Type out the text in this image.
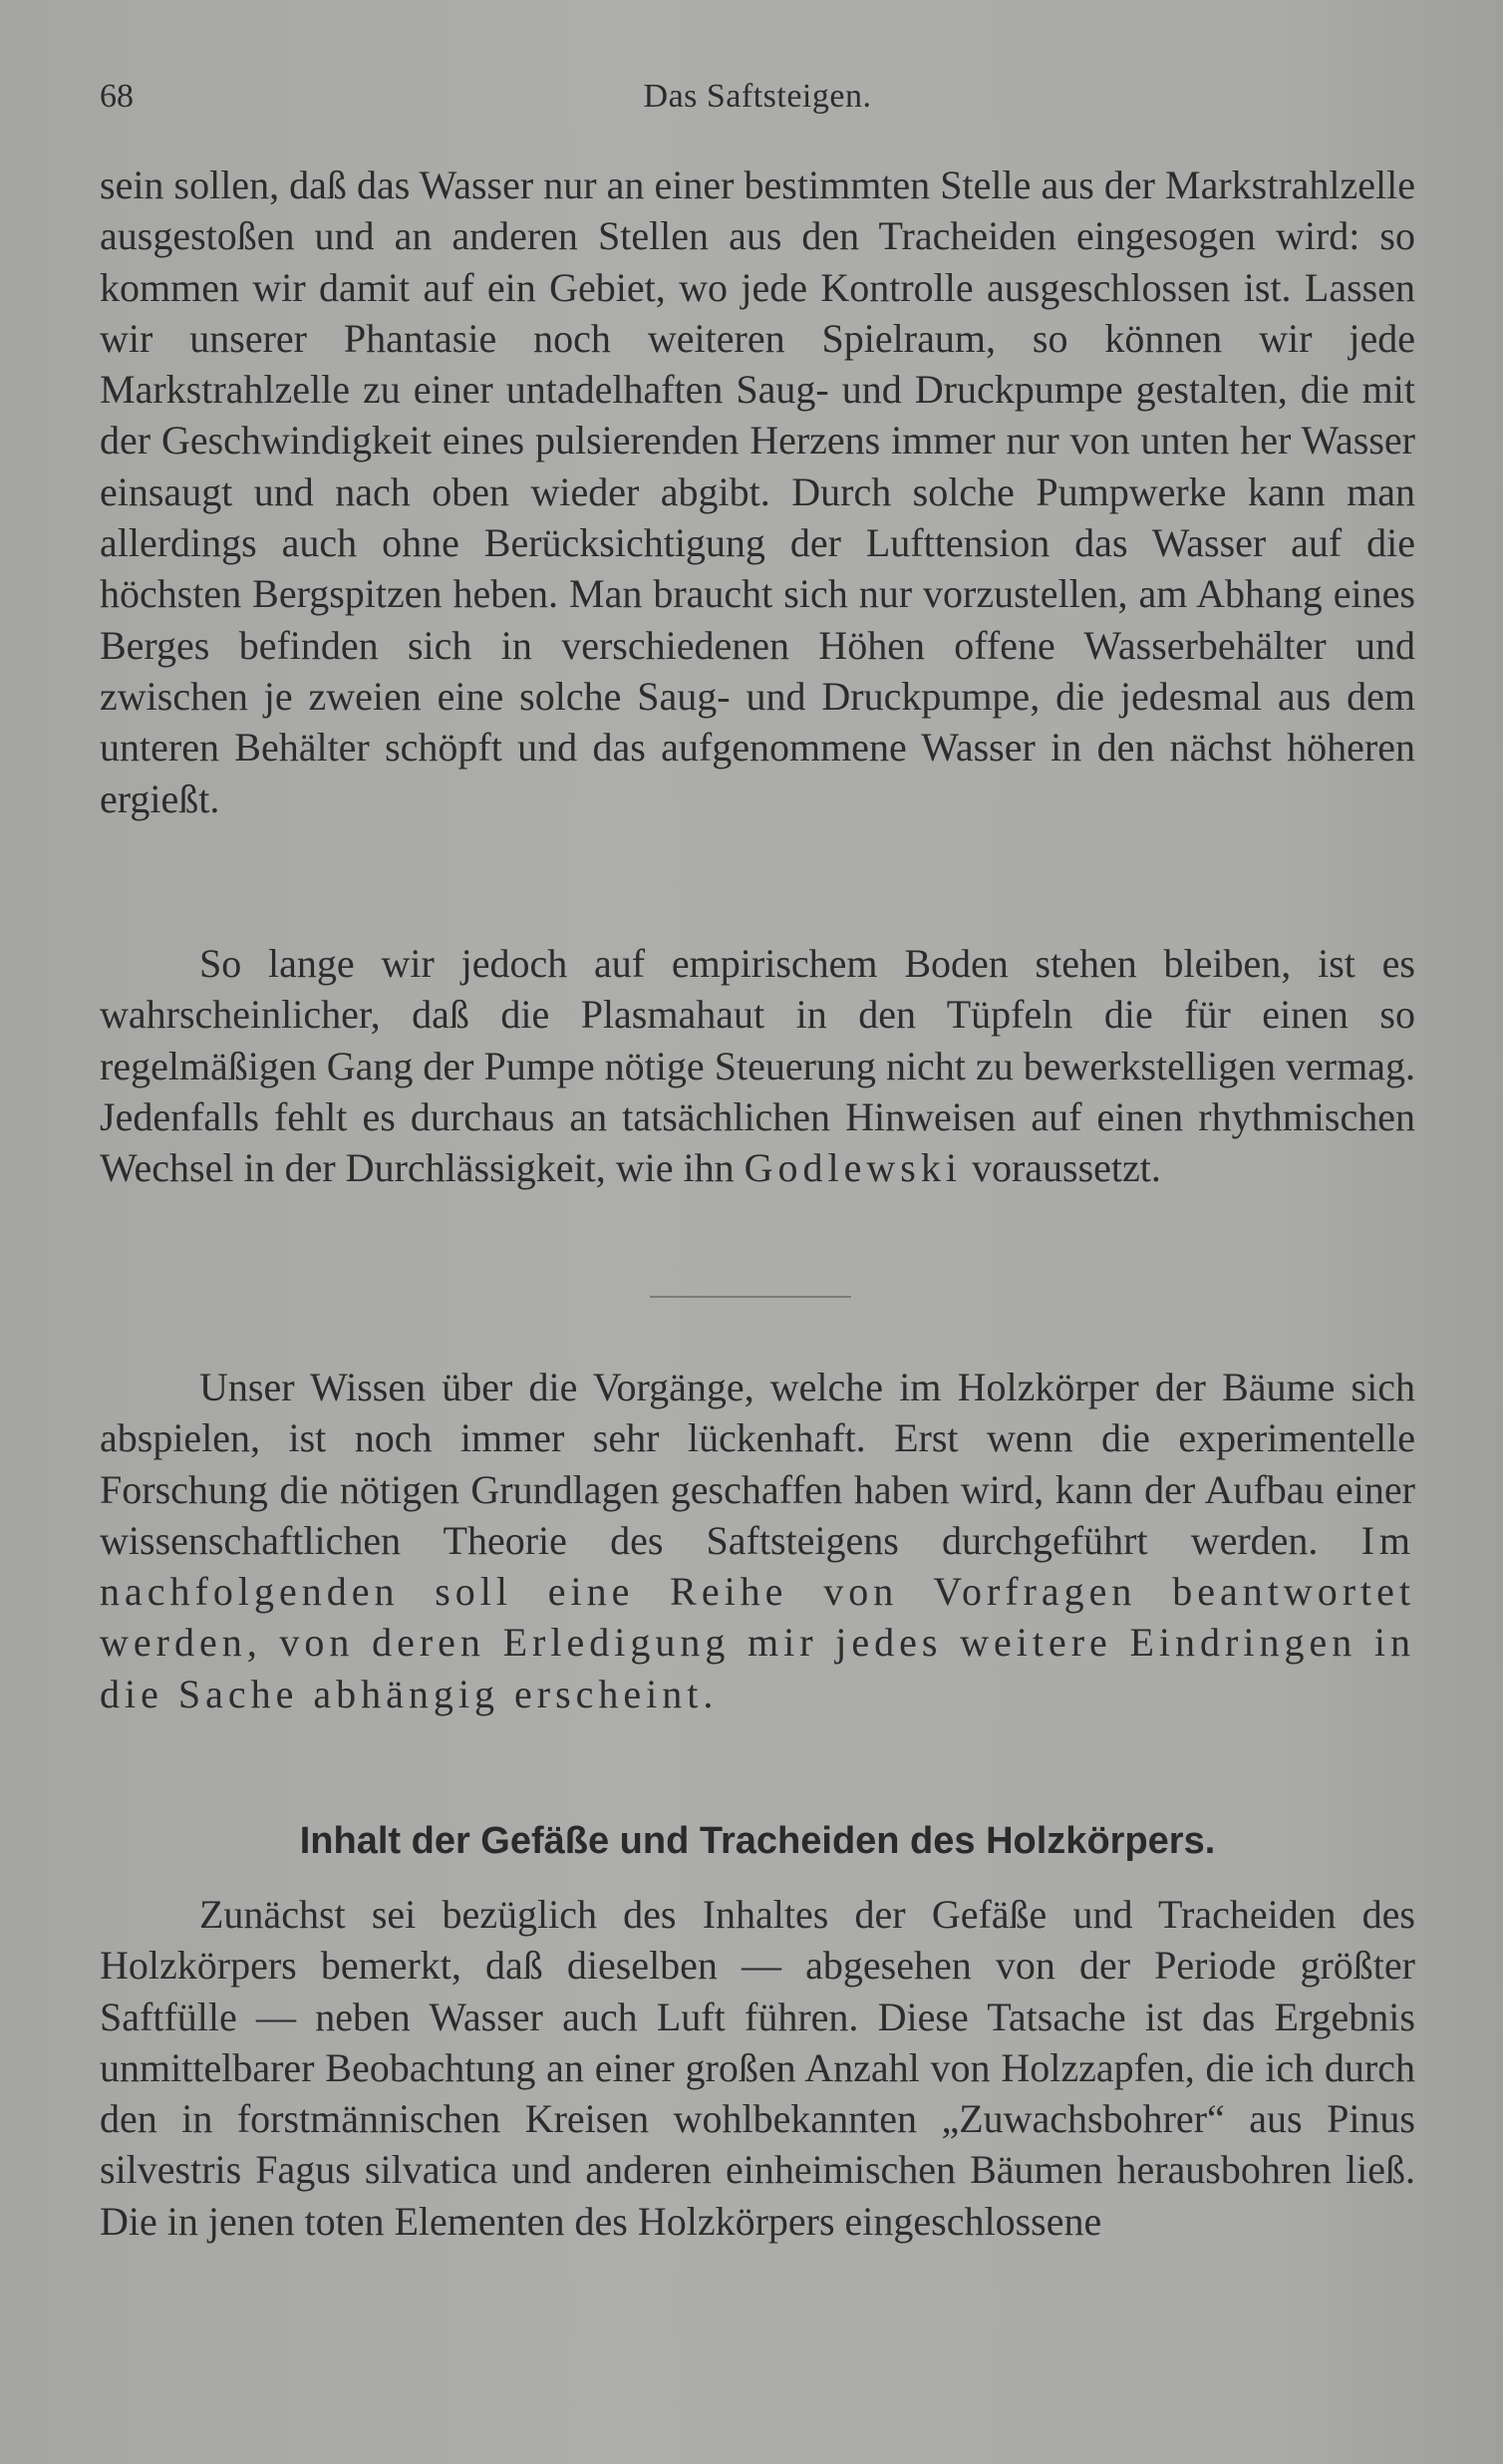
68	Das Saftsteigen.

sein sollen, daß das Wasser nur an einer bestimmten Stelle aus der Markstrahlzelle ausgestoßen und an anderen Stellen aus den Tracheiden eingesogen wird: so kommen wir damit auf ein Gebiet, wo jede Kontrolle ausgeschlossen ist. Lassen wir unserer Phantasie noch weiteren Spielraum, so können wir jede Markstrahlzelle zu einer untadelhaften Saug- und Druckpumpe gestalten, die mit der Geschwindigkeit eines pulsierenden Herzens immer nur von unten her Wasser einsaugt und nach oben wieder abgibt. Durch solche Pumpwerke kann man allerdings auch ohne Berücksichtigung der Lufttension das Wasser auf die höchsten Bergspitzen heben. Man braucht sich nur vorzustellen, am Abhang eines Berges befinden sich in verschiedenen Höhen offene Wasserbehälter und zwischen je zweien eine solche Saug- und Druckpumpe, die jedesmal aus dem unteren Behälter schöpft und das aufgenommene Wasser in den nächst höheren ergießt.

So lange wir jedoch auf empirischem Boden stehen bleiben, ist es wahrscheinlicher, daß die Plasmahaut in den Tüpfeln die für einen so regelmäßigen Gang der Pumpe nötige Steuerung nicht zu bewerkstelligen vermag. Jedenfalls fehlt es durchaus an tatsächlichen Hinweisen auf einen rhythmischen Wechsel in der Durchlässigkeit, wie ihn Godlewski voraussetzt.

Unser Wissen über die Vorgänge, welche im Holzkörper der Bäume sich abspielen, ist noch immer sehr lückenhaft. Erst wenn die experimentelle Forschung die nötigen Grundlagen geschaffen haben wird, kann der Aufbau einer wissenschaftlichen Theorie des Saftsteigens durchgeführt werden. Im nachfolgenden soll eine Reihe von Vorfragen beantwortet werden, von deren Erledigung mir jedes weitere Eindringen in die Sache abhängig erscheint.

Inhalt der Gefäße und Tracheiden des Holzkörpers.

Zunächst sei bezüglich des Inhaltes der Gefäße und Tracheiden des Holzkörpers bemerkt, daß dieselben — abgesehen von der Periode größter Saftfülle — neben Wasser auch Luft führen. Diese Tatsache ist das Ergebnis unmittelbarer Beobachtung an einer großen Anzahl von Holzzapfen, die ich durch den in forstmännischen Kreisen wohlbekannten „Zuwachsbohrer“ aus Pinus silvestris Fagus silvatica und anderen einheimischen Bäumen herausbohren ließ. Die in jenen toten Elementen des Holzkörpers eingeschlossene
